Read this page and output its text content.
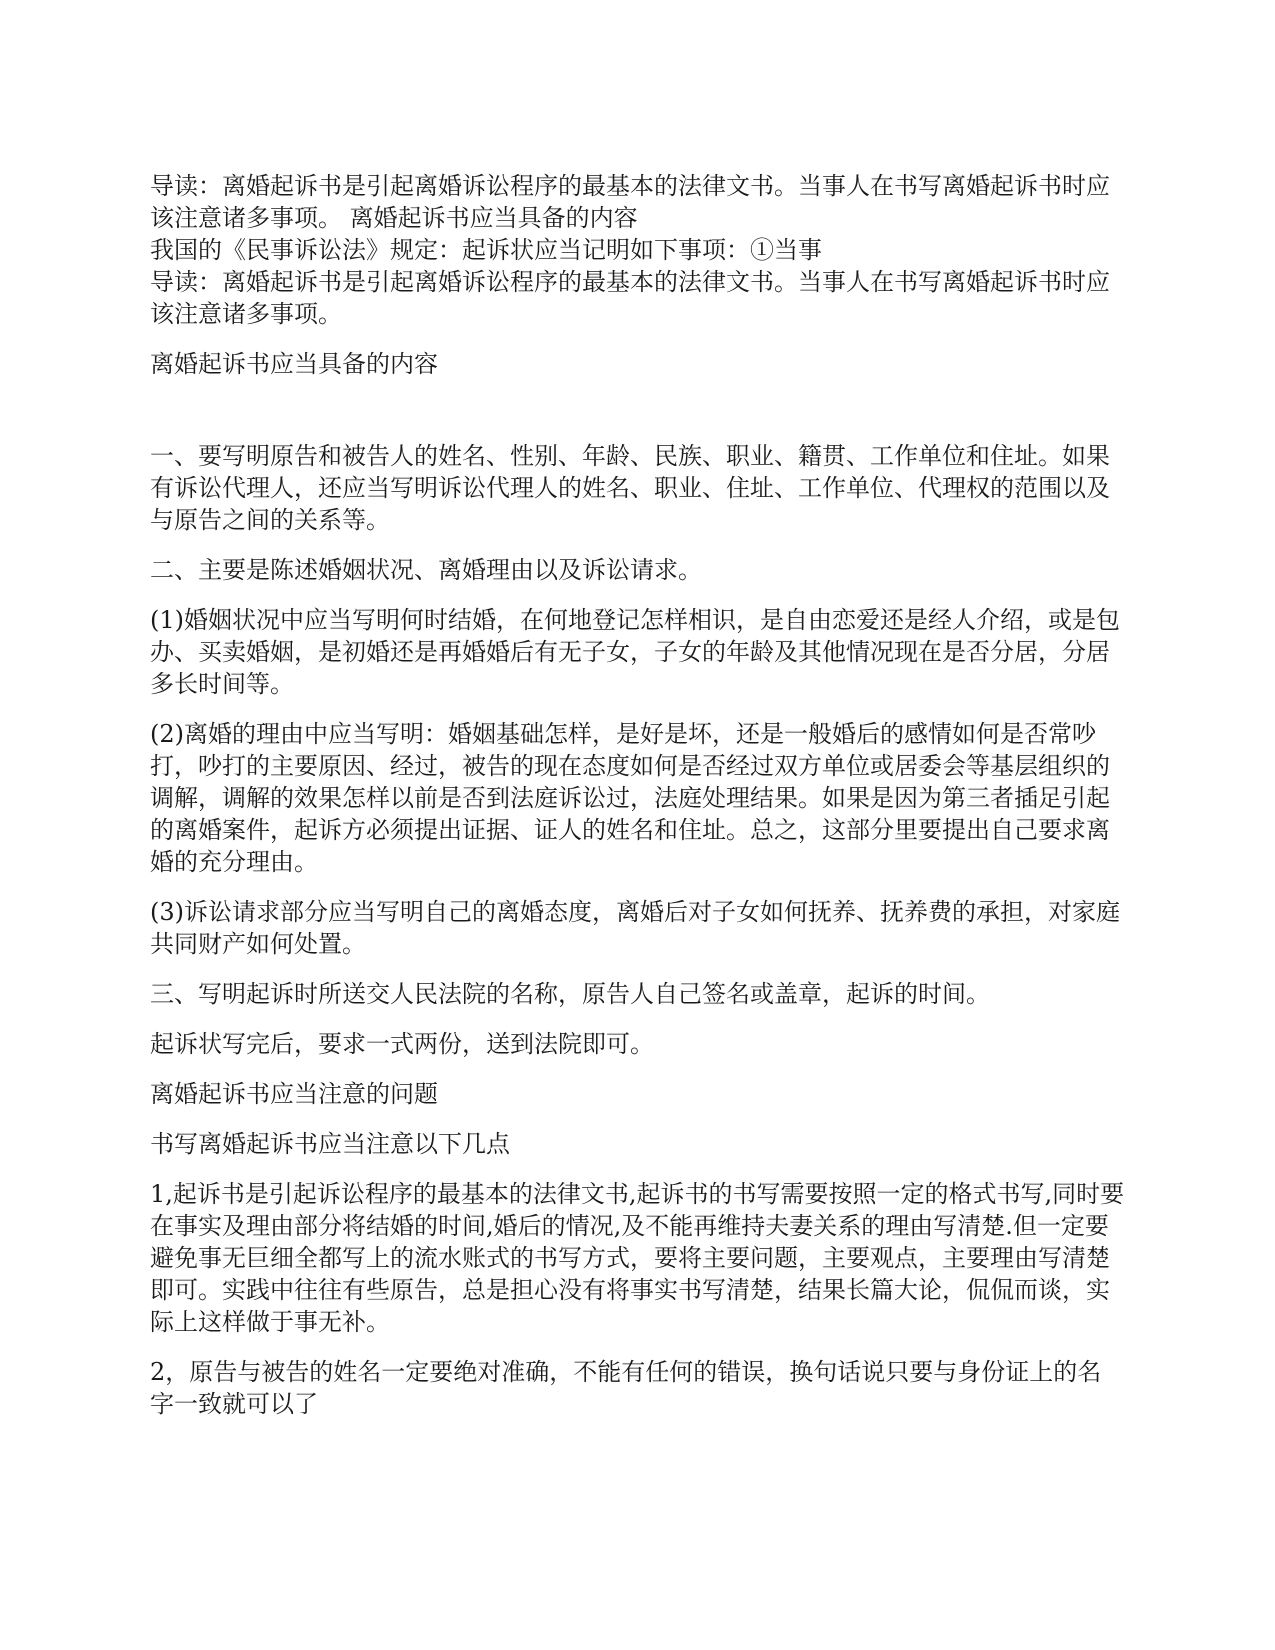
导读：离婚起诉书是引起离婚诉讼程序的最基本的法律文书。当事人在书写离婚起诉书时应该注意诸多事项。 离婚起诉书应当具备的内容

我国的《民事诉讼法》规定：起诉状应当记明如下事项：①当事

导读：离婚起诉书是引起离婚诉讼程序的最基本的法律文书。当事人在书写离婚起诉书时应该注意诸多事项。

离婚起诉书应当具备的内容

一、要写明原告和被告人的姓名、性别、年龄、民族、职业、籍贯、工作单位和住址。如果有诉讼代理人，还应当写明诉讼代理人的姓名、职业、住址、工作单位、代理权的范围以及与原告之间的关系等。

二、主要是陈述婚姻状况、离婚理由以及诉讼请求。

(1)婚姻状况中应当写明何时结婚，在何地登记怎样相识，是自由恋爱还是经人介绍，或是包办、买卖婚姻，是初婚还是再婚婚后有无子女，子女的年龄及其他情况现在是否分居，分居多长时间等。

(2)离婚的理由中应当写明：婚姻基础怎样，是好是坏，还是一般婚后的感情如何是否常吵打，吵打的主要原因、经过，被告的现在态度如何是否经过双方单位或居委会等基层组织的调解，调解的效果怎样以前是否到法庭诉讼过，法庭处理结果。如果是因为第三者插足引起的离婚案件，起诉方必须提出证据、证人的姓名和住址。总之，这部分里要提出自己要求离婚的充分理由。

(3)诉讼请求部分应当写明自己的离婚态度，离婚后对子女如何抚养、抚养费的承担，对家庭共同财产如何处置。

三、写明起诉时所送交人民法院的名称，原告人自己签名或盖章，起诉的时间。

起诉状写完后，要求一式两份，送到法院即可。

离婚起诉书应当注意的问题

书写离婚起诉书应当注意以下几点

1,起诉书是引起诉讼程序的最基本的法律文书,起诉书的书写需要按照一定的格式书写,同时要在事实及理由部分将结婚的时间,婚后的情况,及不能再维持夫妻关系的理由写清楚.但一定要避免事无巨细全都写上的流水账式的书写方式，要将主要问题，主要观点，主要理由写清楚即可。实践中往往有些原告，总是担心没有将事实书写清楚，结果长篇大论，侃侃而谈，实际上这样做于事无补。

2，原告与被告的姓名一定要绝对准确，不能有任何的错误，换句话说只要与身份证上的名字一致就可以了
